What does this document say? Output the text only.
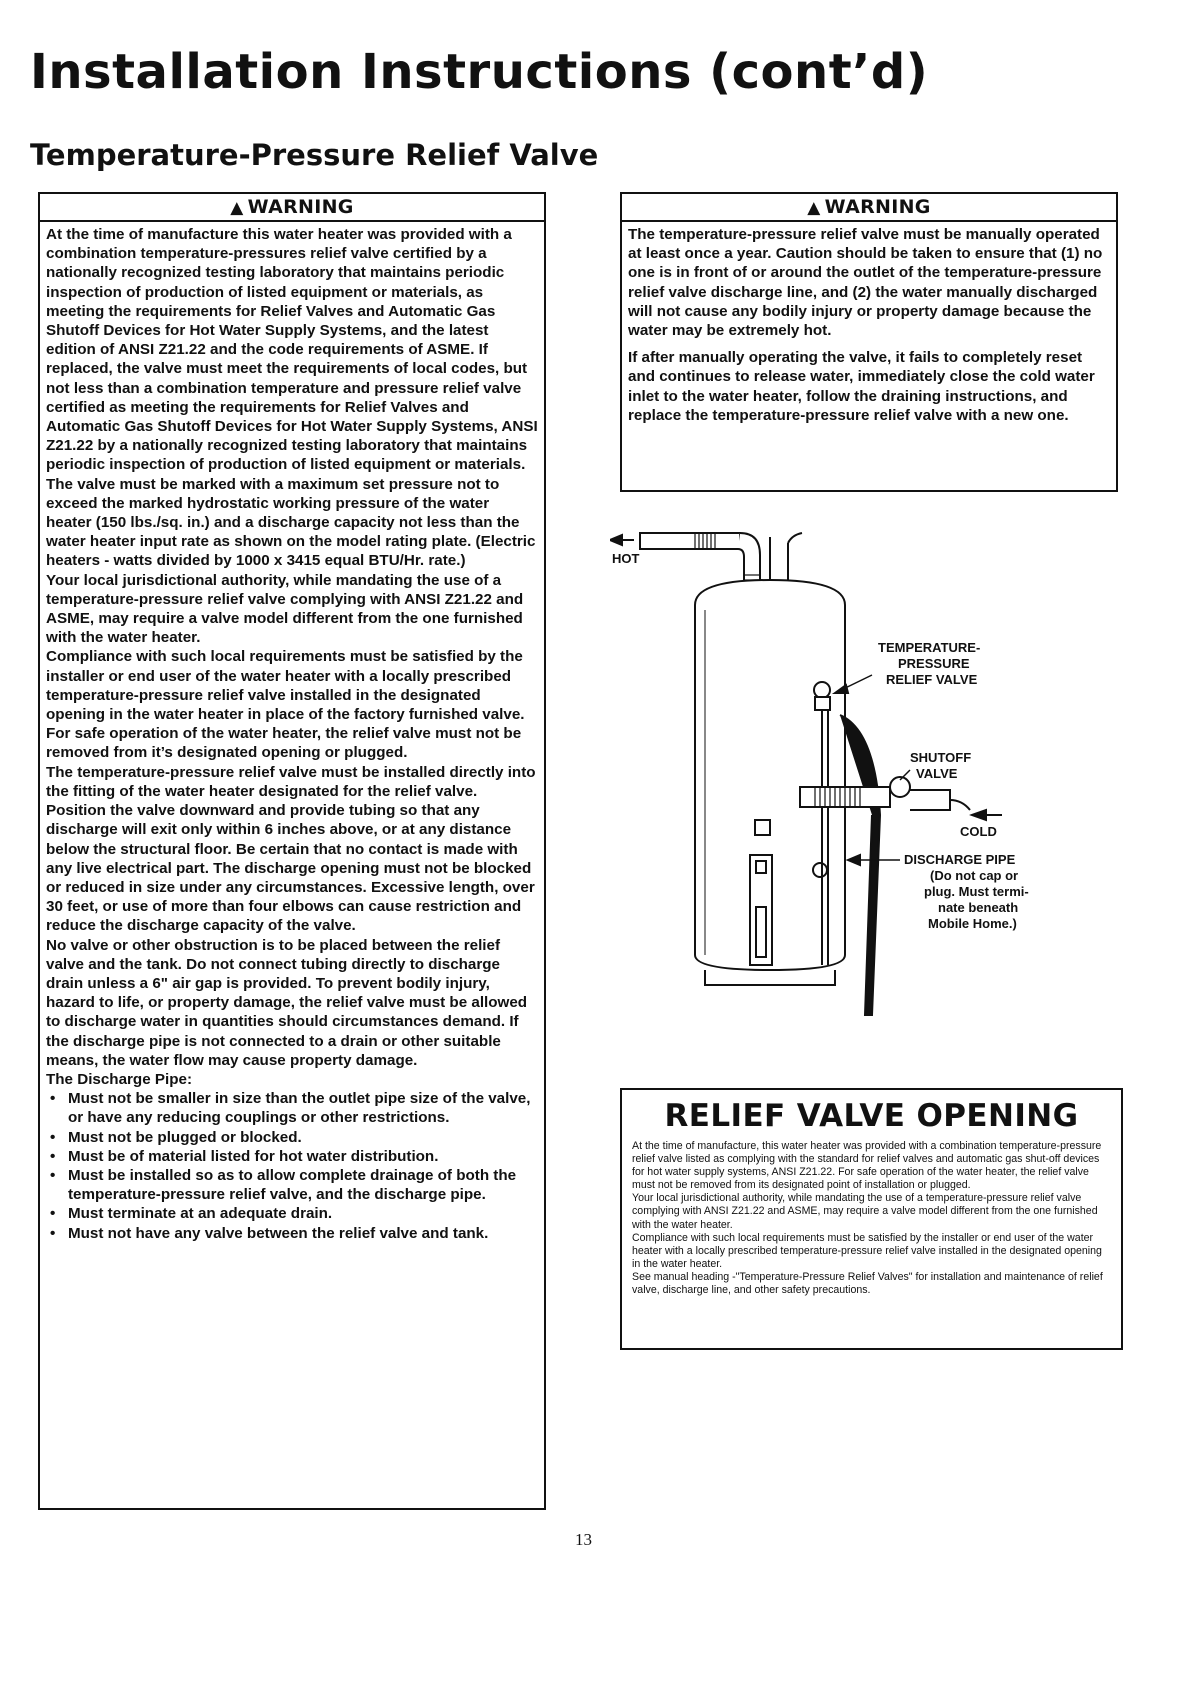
Installation Instructions (cont’d)
Temperature-Pressure Relief Valve
▲ WARNING

At the time of manufacture this water heater was provided with a combination temperature-pressures relief valve certified by a nationally recognized testing laboratory that maintains periodic inspection of production of listed equipment or materials, as meeting the requirements for Relief Valves and Automatic Gas Shutoff Devices for Hot Water Supply Systems, and the latest edition of ANSI Z21.22 and the code requirements of ASME. If replaced, the valve must meet the requirements of local codes, but not less than a combination temperature and pressure relief valve certified as meeting the requirements for Relief Valves and Automatic Gas Shutoff Devices for Hot Water Supply Systems, ANSI Z21.22 by a nationally recognized testing laboratory that maintains periodic inspection of production of listed equipment or materials.

The valve must be marked with a maximum set pressure not to exceed the marked hydrostatic working pressure of the water heater (150 lbs./sq. in.) and a discharge capacity not less than the water heater input rate as shown on the model rating plate. (Electric heaters - watts divided by 1000 x 3415 equal BTU/Hr. rate.)

Your local jurisdictional authority, while mandating the use of a temperature-pressure relief valve complying with ANSI Z21.22 and ASME, may require a valve model different from the one furnished with the water heater.

Compliance with such local requirements must be satisfied by the installer or end user of the water heater with a locally prescribed temperature-pressure relief valve installed in the designated opening in the water heater in place of the factory furnished valve.

For safe operation of the water heater, the relief valve must not be removed from it’s designated opening or plugged.

The temperature-pressure relief valve must be installed directly into the fitting of the water heater designated for the relief valve. Position the valve downward and provide tubing so that any discharge will exit only within 6 inches above, or at any distance below the structural floor. Be certain that no contact is made with any live electrical part. The discharge opening must not be blocked or reduced in size under any circumstances. Excessive length, over 30 feet, or use of more than four elbows can cause restriction and reduce the discharge capacity of the valve.

No valve or other obstruction is to be placed between the relief valve and the tank. Do not connect tubing directly to discharge drain unless a 6" air gap is provided. To prevent bodily injury, hazard to life, or property damage, the relief valve must be allowed to discharge water in quantities should circumstances demand. If the discharge pipe is not connected to a drain or other suitable means, the water flow may cause property damage.

The Discharge Pipe:

• Must not be smaller in size than the outlet pipe size of the valve, or have any reducing couplings or other restrictions.
• Must not be plugged or blocked.
• Must be of material listed for hot water distribution.
• Must be installed so as to allow complete drainage of both the temperature-pressure relief valve, and the discharge pipe.
• Must terminate at an adequate drain.
• Must not have any valve between the relief valve and tank.
▲ WARNING

The temperature-pressure relief valve must be manually operated at least once a year. Caution should be taken to ensure that (1) no one is in front of or around the outlet of the temperature-pressure relief valve discharge line, and (2) the water manually discharged will not cause any bodily injury or property damage because the water may be extremely hot.

If after manually operating the valve, it fails to completely reset and continues to release water, immediately close the cold water inlet to the water heater, follow the draining instructions, and replace the temperature-pressure relief valve with a new one.

HOT
TEMPERATURE-
PRESSURE
RELIEF VALVE
SHUTOFF
VALVE
COLD
DISCHARGE PIPE
(Do not cap or
plug. Must termi-
nate beneath
Mobile Home.)
RELIEF VALVE OPENING

At the time of manufacture, this water heater was provided with a combination temperature-pressure relief valve listed as complying with the standard for relief valves and automatic gas shut-off devices for hot water supply systems, ANSI Z21.22. For safe operation of the water heater, the relief valve must not be removed from its designated point of installation or plugged.

Your local jurisdictional authority, while mandating the use of a temperature-pressure relief valve complying with ANSI Z21.22 and ASME, may require a valve model different from the one furnished with the water heater.

Compliance with such local requirements must be satisfied by the installer or end user of the water heater with a locally prescribed temperature-pressure relief valve installed in the designated opening in the water heater.

See manual heading -"Temperature-Pressure Relief Valves" for installation and maintenance of relief valve, discharge line, and other safety precautions.

13
